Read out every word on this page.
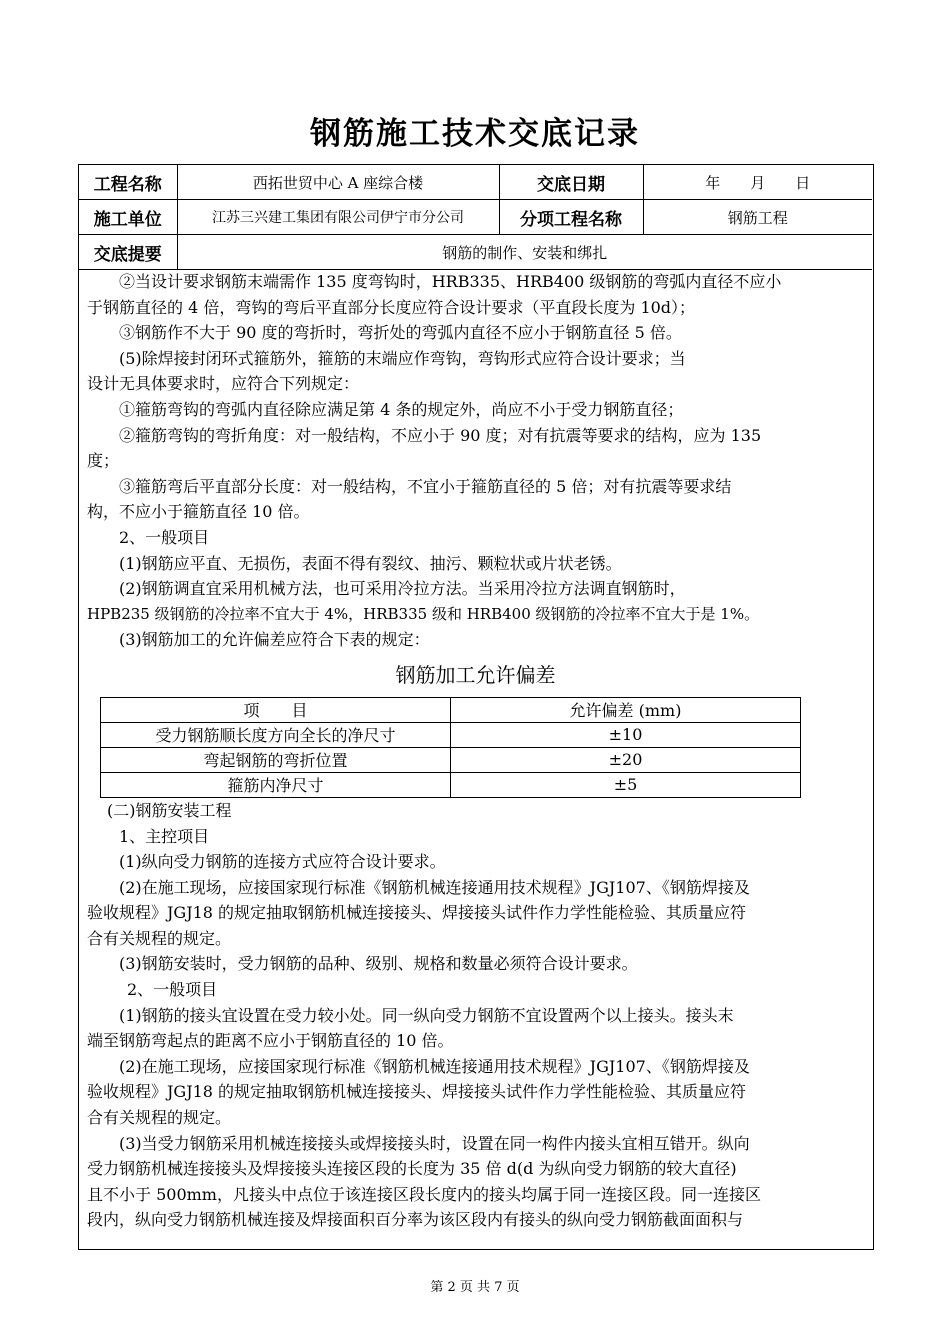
钢筋施工技术交底记录
工程名称	西拓世贸中心 A 座综合楼	交底日期	年　　月　　日
施工单位	江苏三兴建工集团有限公司伊宁市分公司	分项工程名称	钢筋工程
交底提要	钢筋的制作、安装和绑扎		

②当设计要求钢筋末端需作 135 度弯钩时，HRB335、HRB400 级钢筋的弯弧内直径不应小

于钢筋直径的 4 倍，弯钩的弯后平直部分长度应符合设计要求（平直段长度为 10d）；

③钢筋作不大于 90 度的弯折时，弯折处的弯弧内直径不应小于钢筋直径 5 倍。

(5)除焊接封闭环式箍筋外，箍筋的末端应作弯钩，弯钩形式应符合设计要求；当

设计无具体要求时，应符合下列规定：

①箍筋弯钩的弯弧内直径除应满足第 4 条的规定外，尚应不小于受力钢筋直径；

②箍筋弯钩的弯折角度：对一般结构，不应小于 90 度；对有抗震等要求的结构，应为 135

度；

③箍筋弯后平直部分长度：对一般结构，不宜小于箍筋直径的 5 倍；对有抗震等要求结

构，不应小于箍筋直径 10 倍。

2、一般项目

(1)钢筋应平直、无损伤，表面不得有裂纹、抽污、颗粒状或片状老锈。

(2)钢筋调直宜采用机械方法，也可采用冷拉方法。当采用冷拉方法调直钢筋时，

HPB235 级钢筋的冷拉率不宜大于 4%，HRB335 级和 HRB400 级钢筋的冷拉率不宜大于是 1%。

(3)钢筋加工的允许偏差应符合下表的规定：

钢筋加工允许偏差
项　　目	允许偏差 (mm)
受力钢筋顺长度方向全长的净尺寸	±10
弯起钢筋的弯折位置	±20
箍筋内净尺寸	±5

(二)钢筋安装工程

1、主控项目

(1)纵向受力钢筋的连接方式应符合设计要求。

(2)在施工现场，应接国家现行标准《钢筋机械连接通用技术规程》JGJ107、《钢筋焊接及

验收规程》JGJ18 的规定抽取钢筋机械连接接头、焊接接头试件作力学性能检验、其质量应符

合有关规程的规定。

(3)钢筋安装时，受力钢筋的品种、级别、规格和数量必须符合设计要求。

2、一般项目

(1)钢筋的接头宜设置在受力较小处。同一纵向受力钢筋不宜设置两个以上接头。接头末

端至钢筋弯起点的距离不应小于钢筋直径的 10 倍。

(2)在施工现场，应接国家现行标准《钢筋机械连接通用技术规程》JGJ107、《钢筋焊接及

验收规程》JGJ18 的规定抽取钢筋机械连接接头、焊接接头试件作力学性能检验、其质量应符

合有关规程的规定。

(3)当受力钢筋采用机械连接接头或焊接接头时，设置在同一构件内接头宜相互错开。纵向

受力钢筋机械连接接头及焊接接头连接区段的长度为 35 倍 d(d 为纵向受力钢筋的较大直径)

且不小于 500mm，凡接头中点位于该连接区段长度内的接头均属于同一连接区段。同一连接区

段内，纵向受力钢筋机械连接及焊接面积百分率为该区段内有接头的纵向受力钢筋截面面积与

第 2 页 共 7 页
